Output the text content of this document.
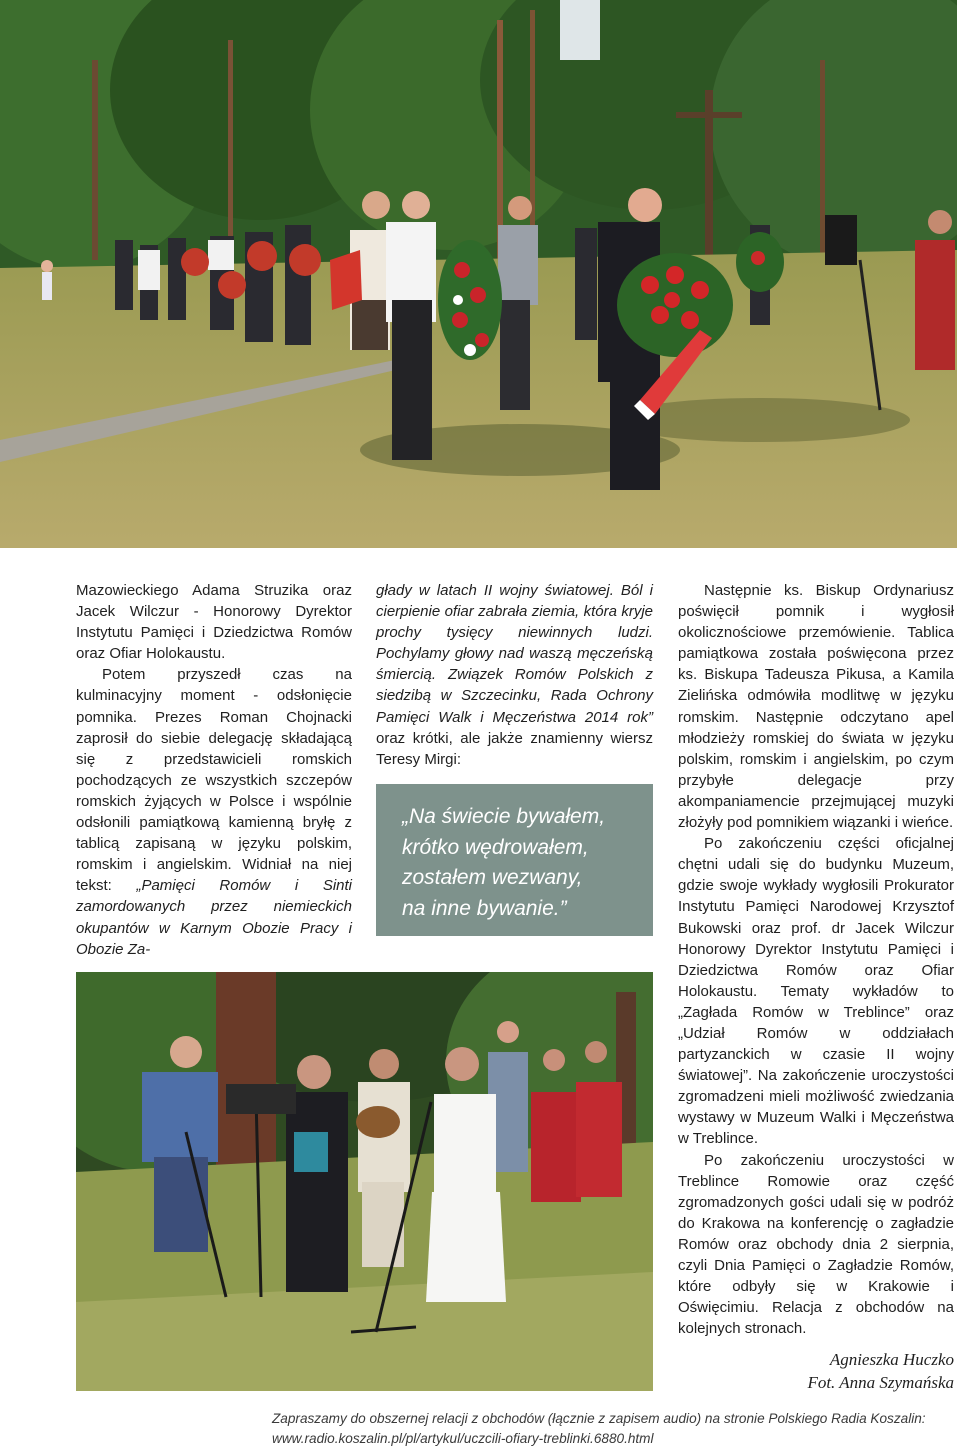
Mazowieckiego Adama Struzika oraz Jacek Wilczur - Honorowy Dyrektor Instytutu Pamięci i Dziedzictwa Romów oraz Ofiar Holokaustu.

Potem przyszedł czas na kulminacyjny moment - odsłonięcie pomnika. Prezes Roman Chojnacki zaprosił do siebie delegację składającą się z przedstawicieli romskich pochodzących ze wszystkich szczepów romskich żyjących w Polsce i wspólnie odsłonili pamiątkową kamienną bryłę z tablicą zapisaną w języku polskim, romskim i angielskim. Widniał na niej tekst: „Pamięci Romów i Sinti zamordowanych przez niemieckich okupantów w Karnym Obozie Pracy i Obozie Za-

głady w latach II wojny światowej. Ból i cierpienie ofiar zabrała ziemia, która kryje prochy tysięcy niewinnych ludzi. Pochylamy głowy nad waszą męczeńską śmiercią. Związek Romów Polskich z siedzibą w Szczecinku, Rada Ochrony Pamięci Walk i Męczeństwa 2014 rok” oraz krótki, ale jakże znamienny wiersz Teresy Mirgi:

„Na świecie bywałem,
krótko wędrowałem,
zostałem wezwany,
na inne bywanie.”

Następnie ks. Biskup Ordynariusz poświęcił pomnik i wygłosił okolicznościowe przemówienie. Tablica pamiątkowa została poświęcona przez ks. Biskupa Tadeusza Pikusa, a Kamila Zielińska odmówiła modlitwę w języku romskim. Następnie odczytano apel młodzieży romskiej do świata w języku polskim, romskim i angielskim, po czym przybyłe delegacje przy akompaniamencie przejmującej muzyki złożyły pod pomnikiem wiązanki i wieńce.

Po zakończeniu części oficjalnej chętni udali się do budynku Muzeum, gdzie swoje wykłady wygłosili Prokurator Instytutu Pamięci Narodowej Krzysztof Bukowski oraz prof. dr Jacek Wilczur Honorowy Dyrektor Instytutu Pamięci i Dziedzictwa Romów oraz Ofiar Holokaustu. Tematy wykładów to „Zagłada Romów w Treblince” oraz „Udział Romów w oddziałach partyzanckich w czasie II wojny światowej”. Na zakończenie uroczystości zgromadzeni mieli możliwość zwiedzania wystawy w Muzeum Walki i Męczeństwa w Treblince.

Po zakończeniu uroczystości w Treblince Romowie oraz część zgromadzonych gości udali się w podróż do Krakowa na konferencję o zagładzie Romów oraz obchody dnia 2 sierpnia, czyli Dnia Pamięci o Zagładzie Romów, które odbyły się w Krakowie i Oświęcimiu. Relacja z obchodów na kolejnych stronach.

Agnieszka Huczko
Fot. Anna Szymańska
Zapraszamy do obszernej relacji z obchodów (łącznie z zapisem audio) na stronie Polskiego Radia Koszalin:
www.radio.koszalin.pl/pl/artykul/uczcili-ofiary-treblinki.6880.html
